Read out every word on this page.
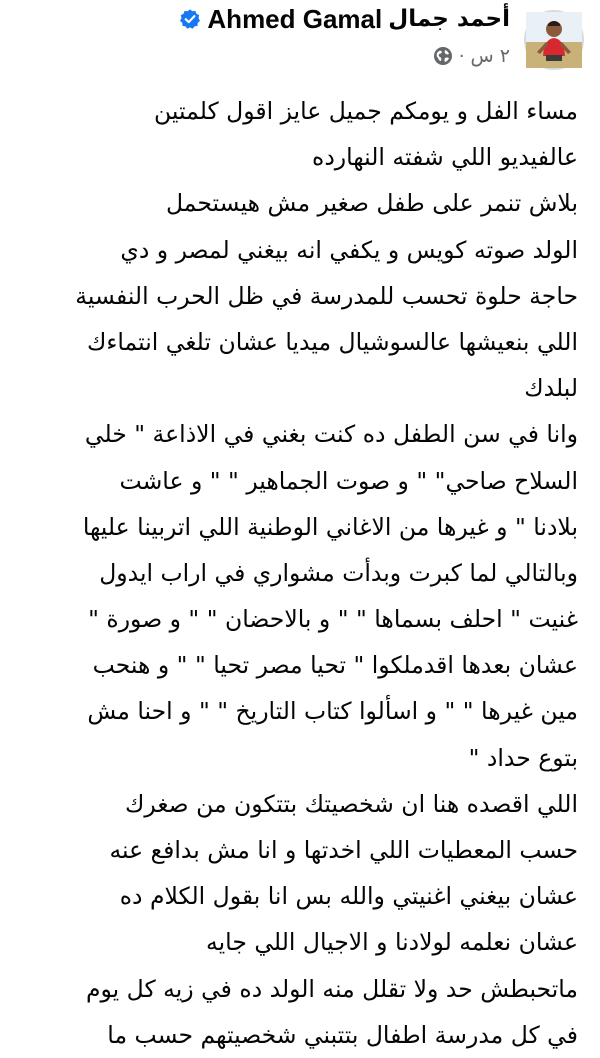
أحمد جمال
Ahmed Gamal
٢ س
·
مساء الفل و يومكم جميل عايز اقول كلمتين
عالفيديو اللي شفته النهارده
بلاش تنمر على طفل صغير مش هيستحمل
الولد صوته كويس و يكفي انه بيغني لمصر و دي
حاجة حلوة تحسب للمدرسة في ظل الحرب النفسية
اللي بنعيشها عالسوشيال ميديا عشان تلغي انتماءك
لبلدك
وانا في سن الطفل ده كنت بغني في الاذاعة " خلي
السلاح صاحي" " و صوت الجماهير " " و عاشت
بلادنا " و غيرها من الاغاني الوطنية اللي اتربينا عليها
وبالتالي لما كبرت وبدأت مشواري في اراب ايدول
غنيت " احلف بسماها " " و بالاحضان " " و صورة "
عشان بعدها اقدملكوا " تحيا مصر تحيا " " و هنحب
مين غيرها " " و اسألوا كتاب التاريخ " " و احنا مش
بتوع حداد "
اللي اقصده هنا ان شخصيتك بتتكون من صغرك
حسب المعطيات اللي اخدتها و انا مش بدافع عنه
عشان بيغني اغنيتي والله بس انا بقول الكلام ده
عشان نعلمه لولادنا و الاجيال اللي جايه
ماتحبطش حد ولا تقلل منه الولد ده في زيه كل يوم
في كل مدرسة اطفال بتتبني شخصيتهم حسب ما
